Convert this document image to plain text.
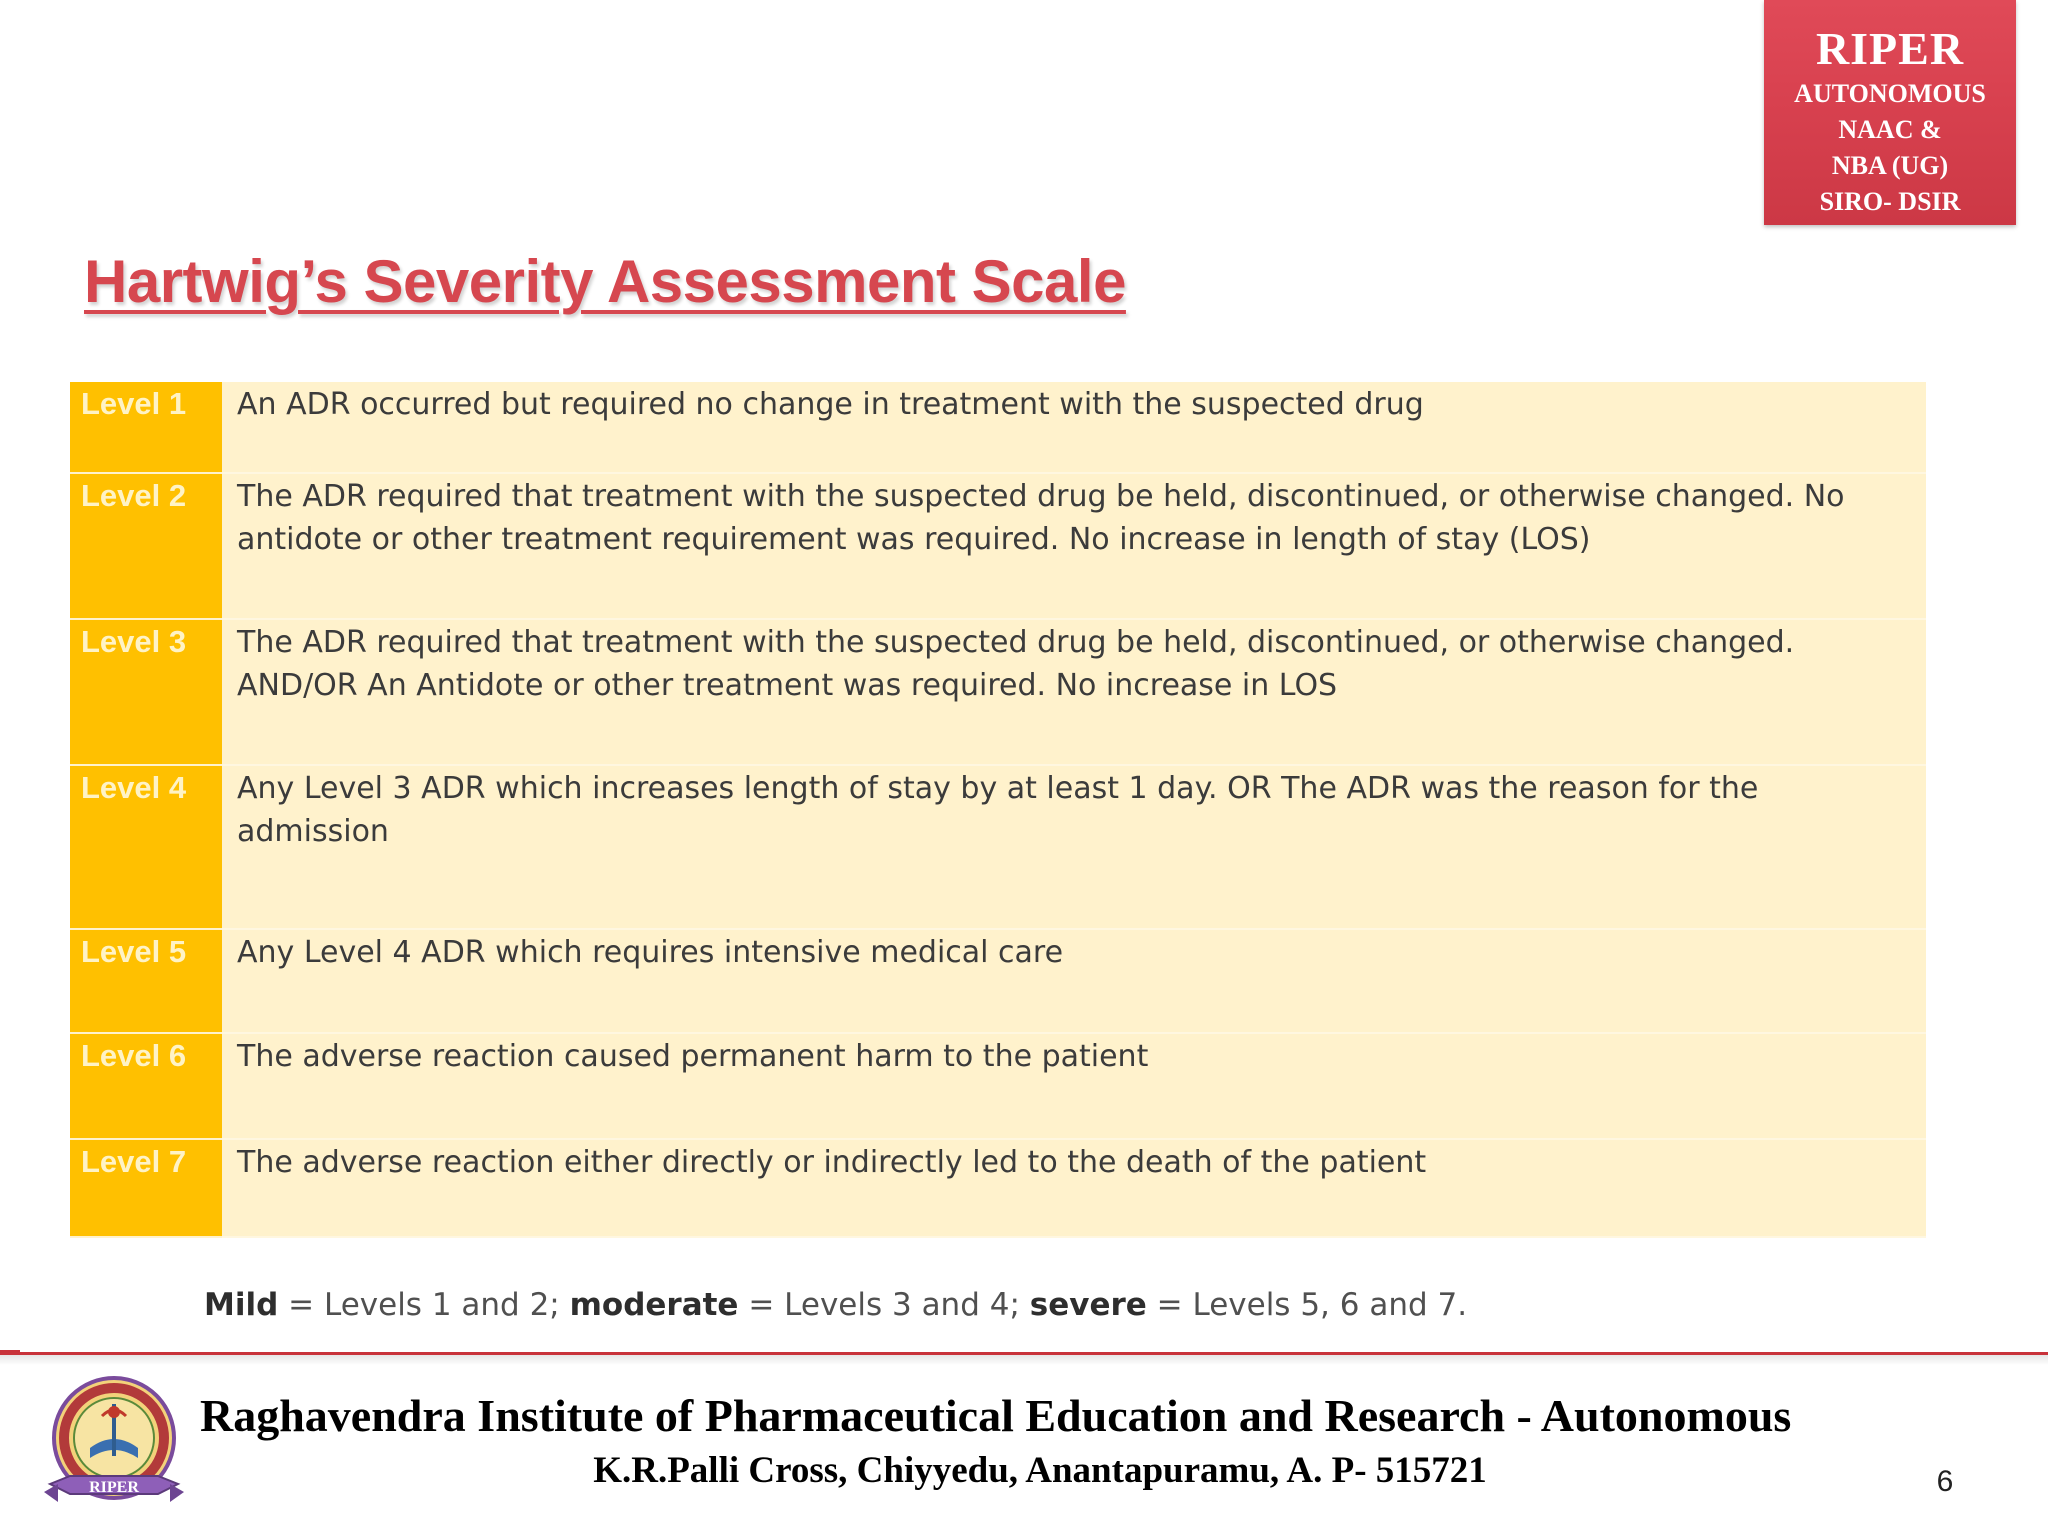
RIPER
AUTONOMOUS
NAAC &
NBA (UG)
SIRO- DSIR
Hartwig’s Severity Assessment Scale
Level 1	An ADR occurred but required no change in treatment with the suspected drug
Level 2	The ADR required that treatment with the suspected drug be held, discontinued, or otherwise changed. No antidote or other treatment requirement was required. No increase in length of stay (LOS)
Level 3	The ADR required that treatment with the suspected drug be held, discontinued, or otherwise changed. AND/OR An Antidote or other treatment was required. No increase in LOS
Level 4	Any Level 3 ADR which increases length of stay by at least 1 day. OR The ADR was the reason for the admission
Level 5	Any Level 4 ADR which requires intensive medical care
Level 6	The adverse reaction caused permanent harm to the patient
Level 7	The adverse reaction either directly or indirectly led to the death of the patient
Mild = Levels 1 and 2; moderate = Levels 3 and 4; severe = Levels 5, 6 and 7.
RIPER
Raghavendra Institute of Pharmaceutical Education and Research - Autonomous
K.R.Palli Cross, Chiyyedu, Anantapuramu, A. P- 515721	6
